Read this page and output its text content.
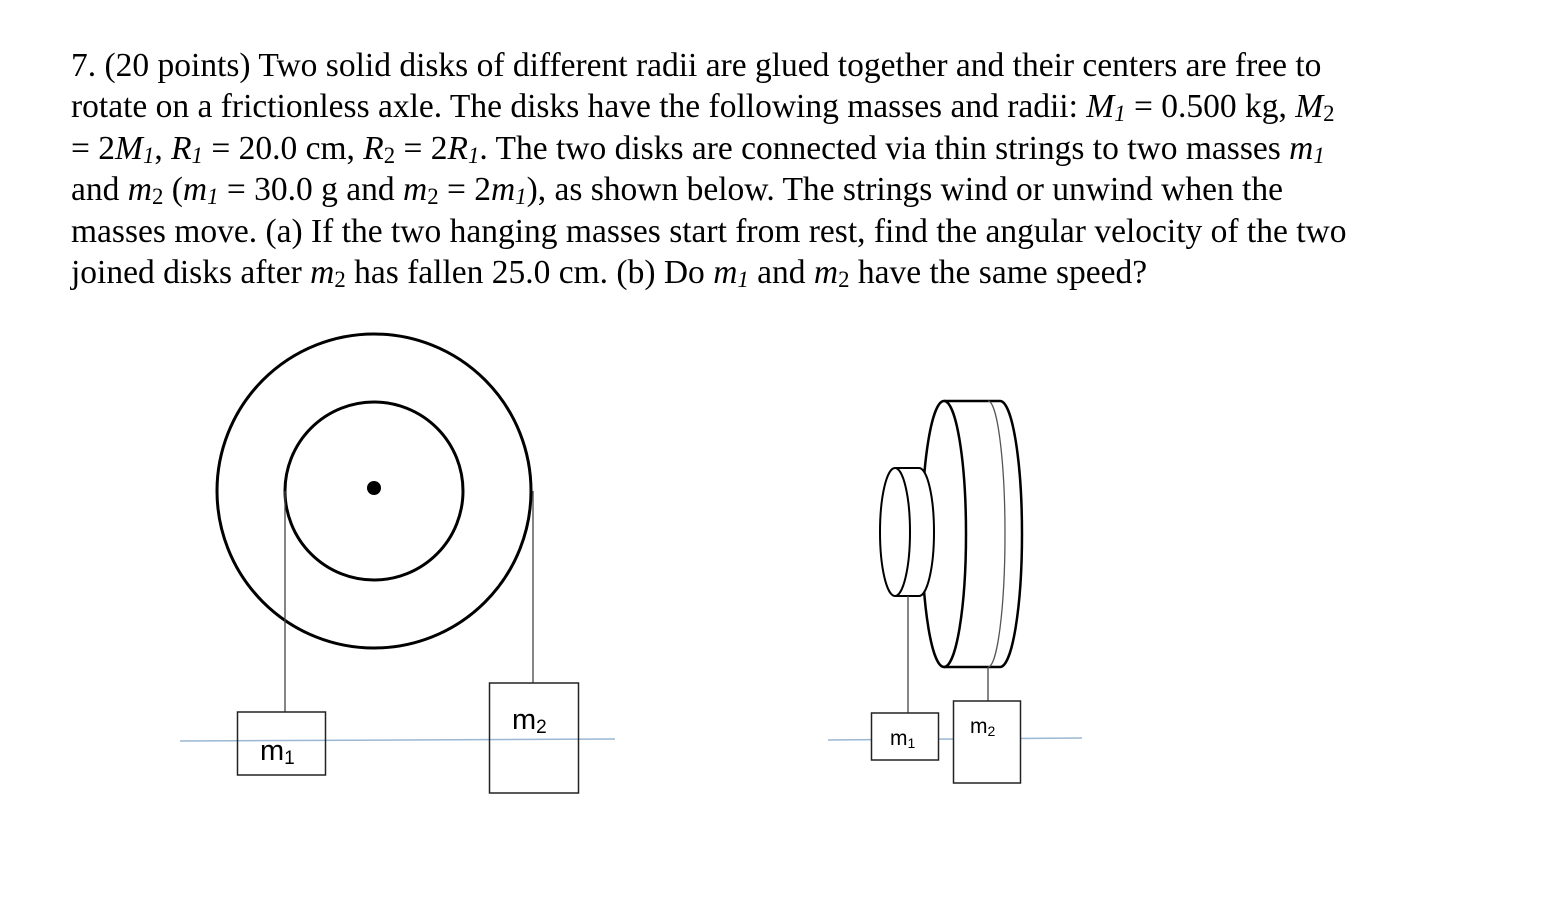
7. (20 points) Two solid disks of different radii are glued together and their centers are free to
rotate on a frictionless axle. The disks have the following masses and radii: $M_1 = 0.500$ kg, $M_2$
= $2M_1$, $R_1 = 20.0$ cm, $R_2 = 2R_1$. The two disks are connected via thin strings to two masses $m_1$
and $m_2$ ($m_1 = 30.0$ g and $m_2 = 2m_1$), as shown below. The strings wind or unwind when the
masses move. (a) If the two hanging masses start from rest, find the angular velocity of the two
joined disks after $m_2$ has fallen 25.0 cm. (b) Do $m_1$ and $m_2$ have the same speed?
m1
m2	m1
m2
